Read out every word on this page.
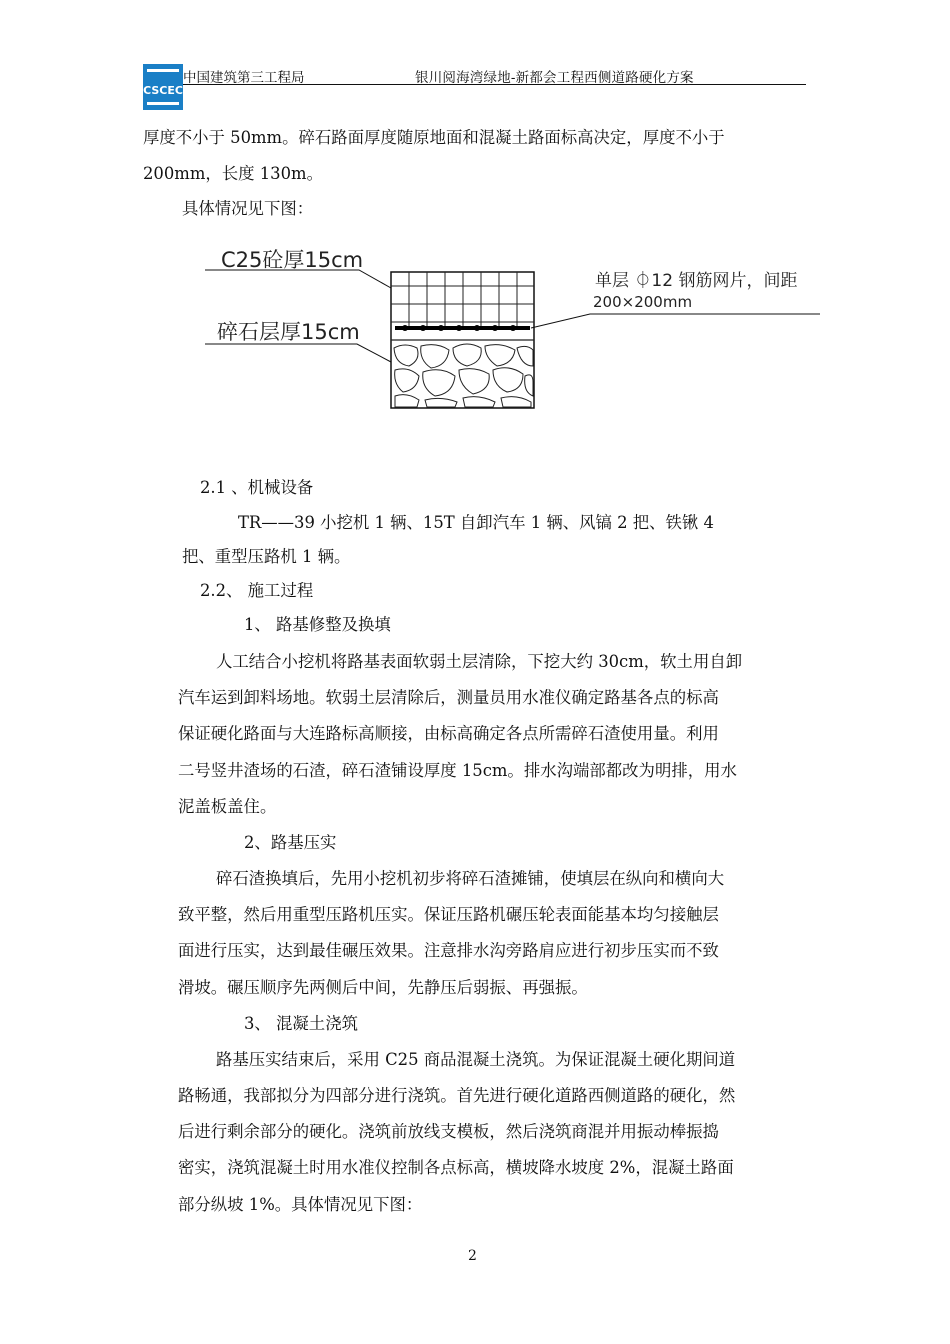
CSCEC
中国建筑第三工程局	银川阅海湾绿地-新都会工程西侧道路硬化方案
厚度不小于 50mm。碎石路面厚度随原地面和混凝土路面标高决定，厚度不小于
200mm，长度 130m。
具体情况见下图：
C25砼厚15cm
碎石层厚15cm
单层 ⏀12 钢筋网片，间距
200×200mm
2.1 、机械设备
TR——39 小挖机 1 辆、15T 自卸汽车 1 辆、风镐 2 把、铁锹 4
把、重型压路机 1 辆。
2.2、 施工过程
1、 路基修整及换填
人工结合小挖机将路基表面软弱土层清除，下挖大约 30cm，软土用自卸
汽车运到卸料场地。软弱土层清除后，测量员用水准仪确定路基各点的标高
保证硬化路面与大连路标高顺接，由标高确定各点所需碎石渣使用量。利用
二号竖井渣场的石渣，碎石渣铺设厚度 15cm。排水沟端部都改为明排，用水
泥盖板盖住。
2、路基压实
碎石渣换填后，先用小挖机初步将碎石渣摊铺，使填层在纵向和横向大
致平整，然后用重型压路机压实。保证压路机碾压轮表面能基本均匀接触层
面进行压实，达到最佳碾压效果。注意排水沟旁路肩应进行初步压实而不致
滑坡。碾压顺序先两侧后中间，先静压后弱振、再强振。
3、 混凝土浇筑
路基压实结束后，采用 C25 商品混凝土浇筑。为保证混凝土硬化期间道
路畅通，我部拟分为四部分进行浇筑。首先进行硬化道路西侧道路的硬化，然
后进行剩余部分的硬化。浇筑前放线支模板，然后浇筑商混并用振动棒振捣
密实，浇筑混凝土时用水准仪控制各点标高，横坡降水坡度 2%，混凝土路面
部分纵坡 1%。具体情况见下图：
2
